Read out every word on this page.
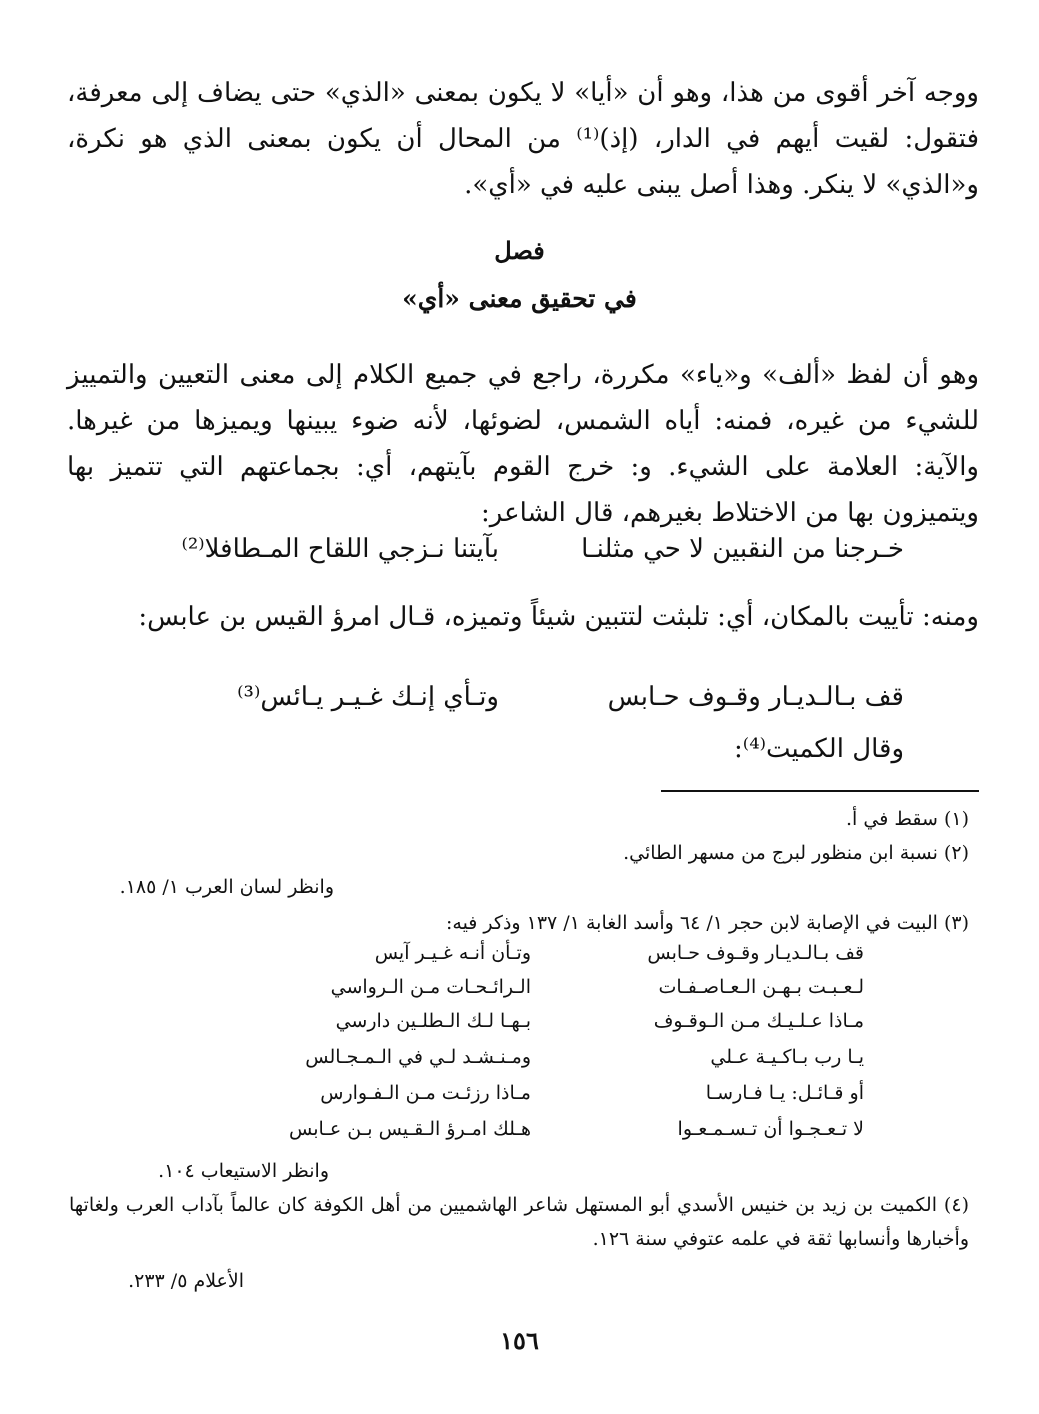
ووجه آخر أقوى من هذا، وهو أن «أيا» لا يكون بمعنى «الذي» حتى يضاف إلى معرفة، فتقول: لقيت أيهم في الدار، (إذ)⁽¹⁾ من المحال أن يكون بمعنى الذي هو نكرة، و«الذي» لا ينكر. وهذا أصل يبنى عليه في «أي».

فصل
في تحقيق معنى «أي»

وهو أن لفظ «ألف» و«ياء» مكررة، راجع في جميع الكلام إلى معنى التعيين والتمييز للشيء من غيره، فمنه: أياه الشمس، لضوئها، لأنه ضوء يبينها ويميزها من غيرها. والآية: العلامة على الشيء. و: خرج القوم بآيتهم، أي: بجماعتهم التي تتميز بها ويتميزون بها من الاختلاط بغيرهم، قال الشاعر:

خـرجنا من النقبين لا حي مثلنـا
بآيتنا نـزجي اللقاح المـطافلا⁽²⁾

ومنه: تأييت بالمكان، أي: تلبثت لتتبين شيئاً وتميزه، قـال امرؤ القيس بن عابس:

قف بـالـديـار وقـوف حـابس
وتـأي إنـك غـيـر يـائس⁽³⁾
وقال الكميت⁽⁴⁾:
(١) سقط في أ.
(٢) نسبة ابن منظور لبرج من مسهر الطائي.
وانظر لسان العرب ١/ ١٨٥.
(٣) البيت في الإصابة لابن حجر ١/ ٦٤ وأسد الغابة ١/ ١٣٧ وذكر فيه:
قف بـالـديـار وقـوف حـابس
وتـأن أنـه غـيـر آيس
لـعـبـت بـهـن الـعـاصـفـات
الـرائـحـات مـن الـرواسي
مـاذا عـلـيـك مـن الـوقـوف
بـهـا لـك الـطلـين دارسي
يـا رب بـاكـيـة عـلي
ومـنـشـد لـي في الـمـجـالس
أو قـائـل: يـا فـارسـا
مـاذا رزئـت مـن الـفـوارس
لا تـعـجـوا أن تـسـمـعـوا
هـلك امـرؤ الـقـيس بـن عـابس
وانظر الاستيعاب ١٠٤.
(٤) الكميت بن زيد بن خنيس الأسدي أبو المستهل شاعر الهاشميين من أهل الكوفة كان عالماً بآداب العرب ولغاتها وأخبارها وأنسابها ثقة في علمه عتوفي سنة ١٢٦.
الأعلام ٥/ ٢٣٣.
١٥٦
